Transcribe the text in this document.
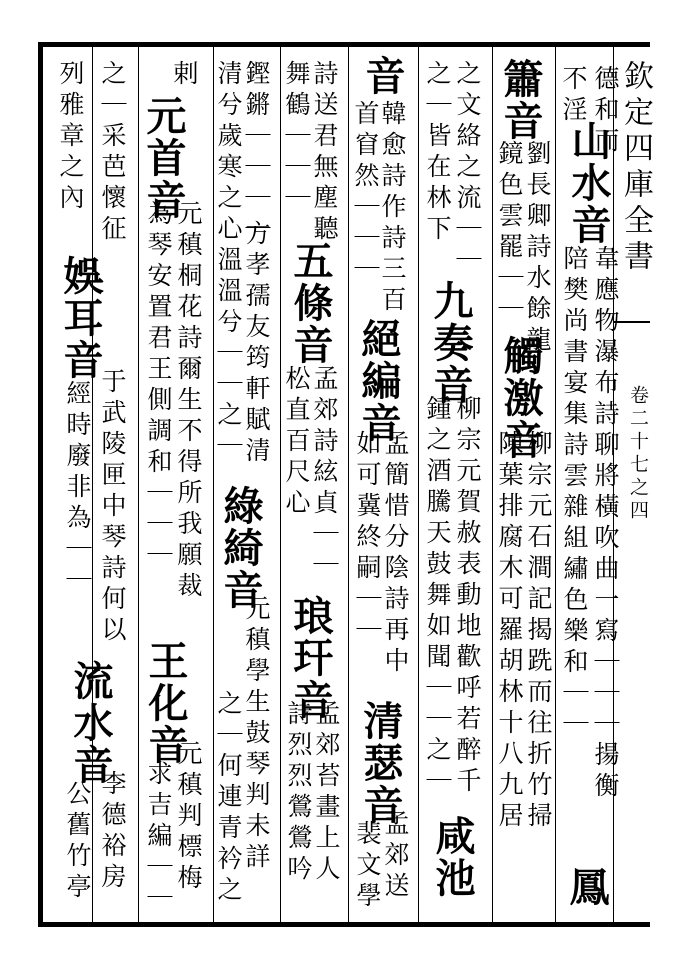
欽定四庫全書
卷二十七之四
德和而
不淫
山水音
韋應物瀑布詩聊將橫吹曲一寫｜｜｜揚衡
陪樊尚書宴集詩雲雜組繡色樂和｜｜
鳳
簫音
劉長卿詩水餘龍
鏡色雲罷｜｜
觸激音
柳宗元石澗記揭跣而往折竹掃
陳葉排腐木可羅胡林十八九居
之文絡之流｜｜
之｜皆在林下
九奏音
柳宗元賀赦表動地歡呼若醉千
鍾之酒騰天鼓舞如聞｜｜之｜
咸池
音
韓愈詩作詩三百
首窅然｜｜｜
絕編音
孟簡惜分陰詩再中
如可冀終嗣｜｜
清瑟音
孟郊送
裴文學
詩送君無塵聽
舞鶴｜｜｜
五條音
孟郊詩絃貞｜｜
松直百尺心
琅玕音
孟郊苔畫上人
詩烈烈鶯鶯吟
鏗鏘｜｜｜｜
方孝孺友筠軒賦清
清兮歲寒之心溫溫兮｜｜之｜
綠綺音
元稹學生鼓琴判未詳
之｜何連青衿之
剌
元首音
元稹桐花詩爾生不得所我願裁
為琴安置君王側調和｜｜｜
王化音
元稹判標梅
求吉編｜｜
之｜采芭懷征
列雅章之內
娛耳音
于武陵匣中琴詩何以
經時廢非為｜｜
流水音
李德裕房
公舊竹亭
